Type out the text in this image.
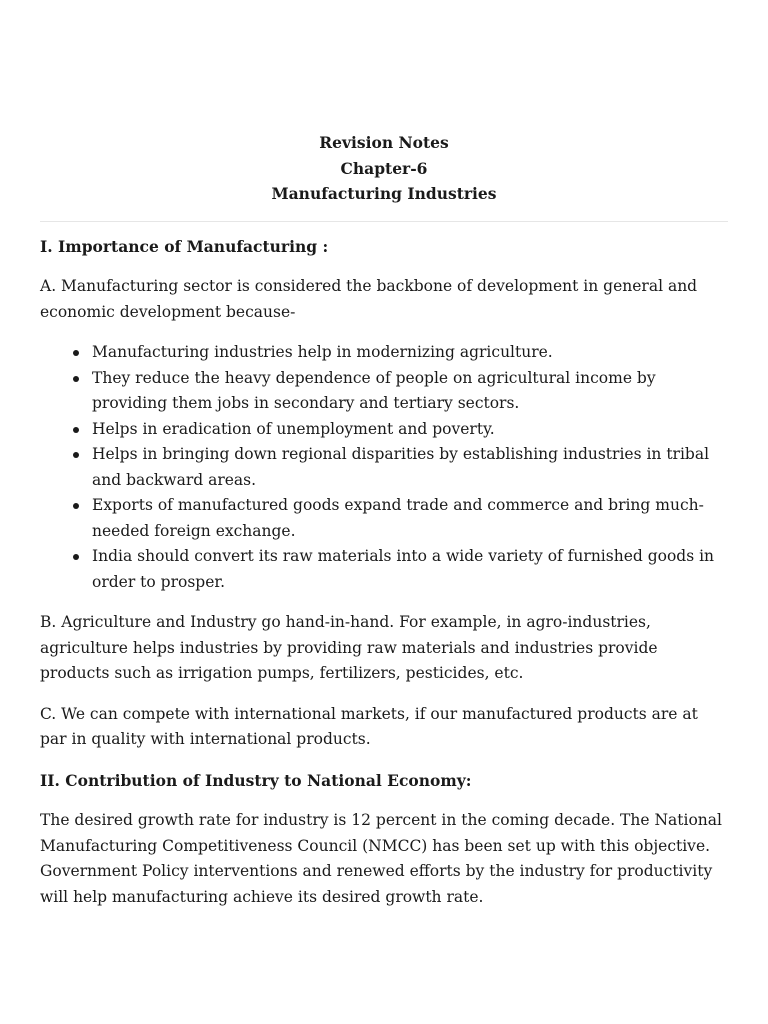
Revision Notes
Chapter-6
Manufacturing Industries
I. Importance of Manufacturing :

A. Manufacturing sector is considered the backbone of development in general and economic development because-

Manufacturing industries help in modernizing agriculture.
They reduce the heavy dependence of people on agricultural income by providing them jobs in secondary and tertiary sectors.
Helps in eradication of unemployment and poverty.
Helps in bringing down regional disparities by establishing industries in tribal and backward areas.
Exports of manufactured goods expand trade and commerce and bring much-needed foreign exchange.
India should convert its raw materials into a wide variety of furnished goods in order to prosper.

B. Agriculture and Industry go hand-in-hand. For example, in agro-industries, agriculture helps industries by providing raw materials and industries provide products such as irrigation pumps, fertilizers, pesticides, etc.

C. We can compete with international markets, if our manufactured products are at par in quality with international products.

II. Contribution of Industry to National Economy:

The desired growth rate for industry is 12 percent in the coming decade. The National Manufacturing Competitiveness Council (NMCC) has been set up with this objective. Government Policy interventions and renewed efforts by the industry for productivity will help manufacturing achieve its desired growth rate.
